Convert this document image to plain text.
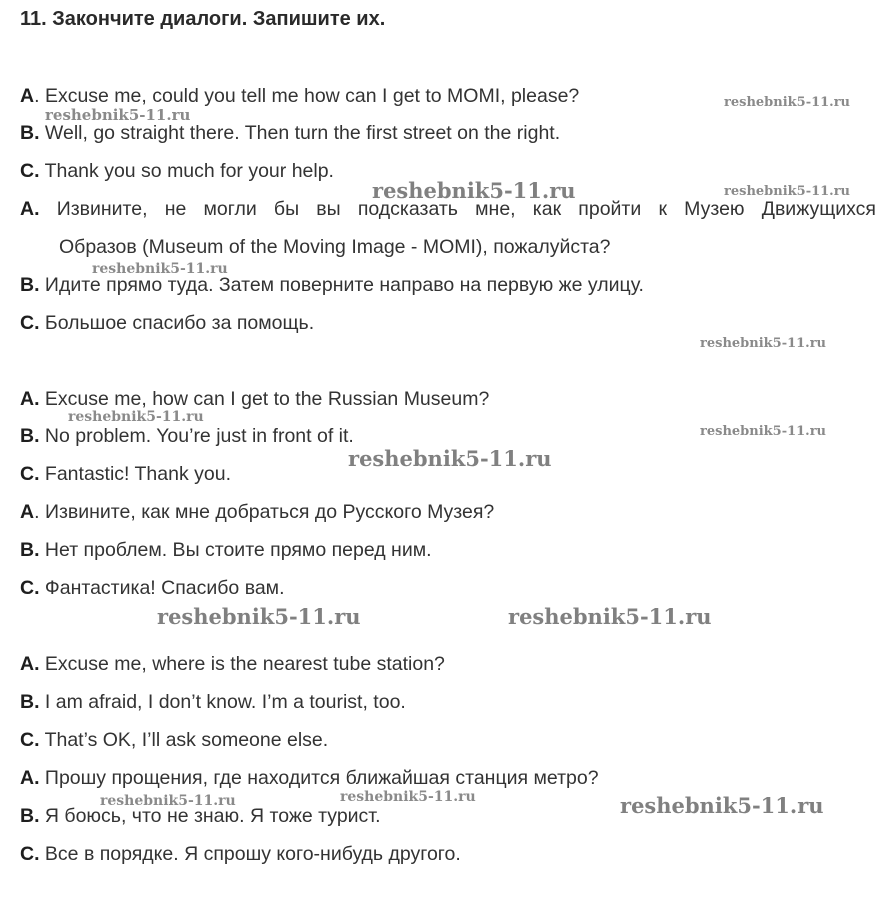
11. Закончите диалоги. Запишите их.
A. Excuse me, could you tell me how can I get to MOMI, please?
B. Well, go straight there. Then turn the first street on the right.
C. Thank you so much for your help.
A. Извините, не могли бы вы подсказать мне, как пройти к Музею Движущихся
Образов (Museum of the Moving Image - MOMI), пожалуйста?
B. Идите прямо туда. Затем поверните направо на первую же улицу.
C. Большое спасибо за помощь.
A. Excuse me, how can I get to the Russian Museum?
B. No problem. You’re just in front of it.
C. Fantastic! Thank you.
A. Извините, как мне добраться до Русского Музея?
B. Нет проблем. Вы стоите прямо перед ним.
C. Фантастика! Спасибо вам.
A. Excuse me, where is the nearest tube station?
B. I am afraid, I don’t know. I’m a tourist, too.
C. That’s OK, I’ll ask someone else.
A. Прошу прощения, где находится ближайшая станция метро?
B. Я боюсь, что не знаю. Я тоже турист.
C. Все в порядке. Я спрошу кого-нибудь другого.
reshebnik5-11.ru
reshebnik5-11.ru
reshebnik5-11.ru	reshebnik5-11.ru
reshebnik5-11.ru
reshebnik5-11.ru
reshebnik5-11.ru
reshebnik5-11.ru
reshebnik5-11.ru
reshebnik5-11.ru	reshebnik5-11.ru
reshebnik5-11.ru	reshebnik5-11.ru	reshebnik5-11.ru
